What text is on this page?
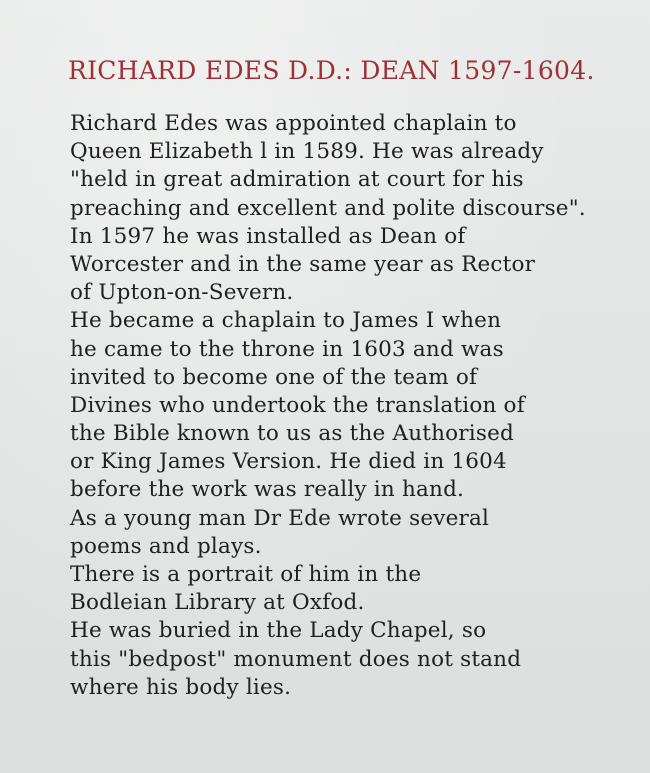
RICHARD EDES D.D.: DEAN 1597-1604.
Richard Edes was appointed chaplain to
Queen Elizabeth l in 1589. He was already
"held in great admiration at court for his
preaching and excellent and polite discourse".
In 1597 he was installed as Dean of
Worcester and in the same year as Rector
of Upton-on-Severn.
He became a chaplain to James I when
he came to the throne in 1603 and was
invited to become one of the team of
Divines who undertook the translation of
the Bible known to us as the Authorised
or King James Version. He died in 1604
before the work was really in hand.
As a young man Dr Ede wrote several
poems and plays.
There is a portrait of him in the
Bodleian Library at Oxfod.
He was buried in the Lady Chapel, so
this "bedpost" monument does not stand
where his body lies.
